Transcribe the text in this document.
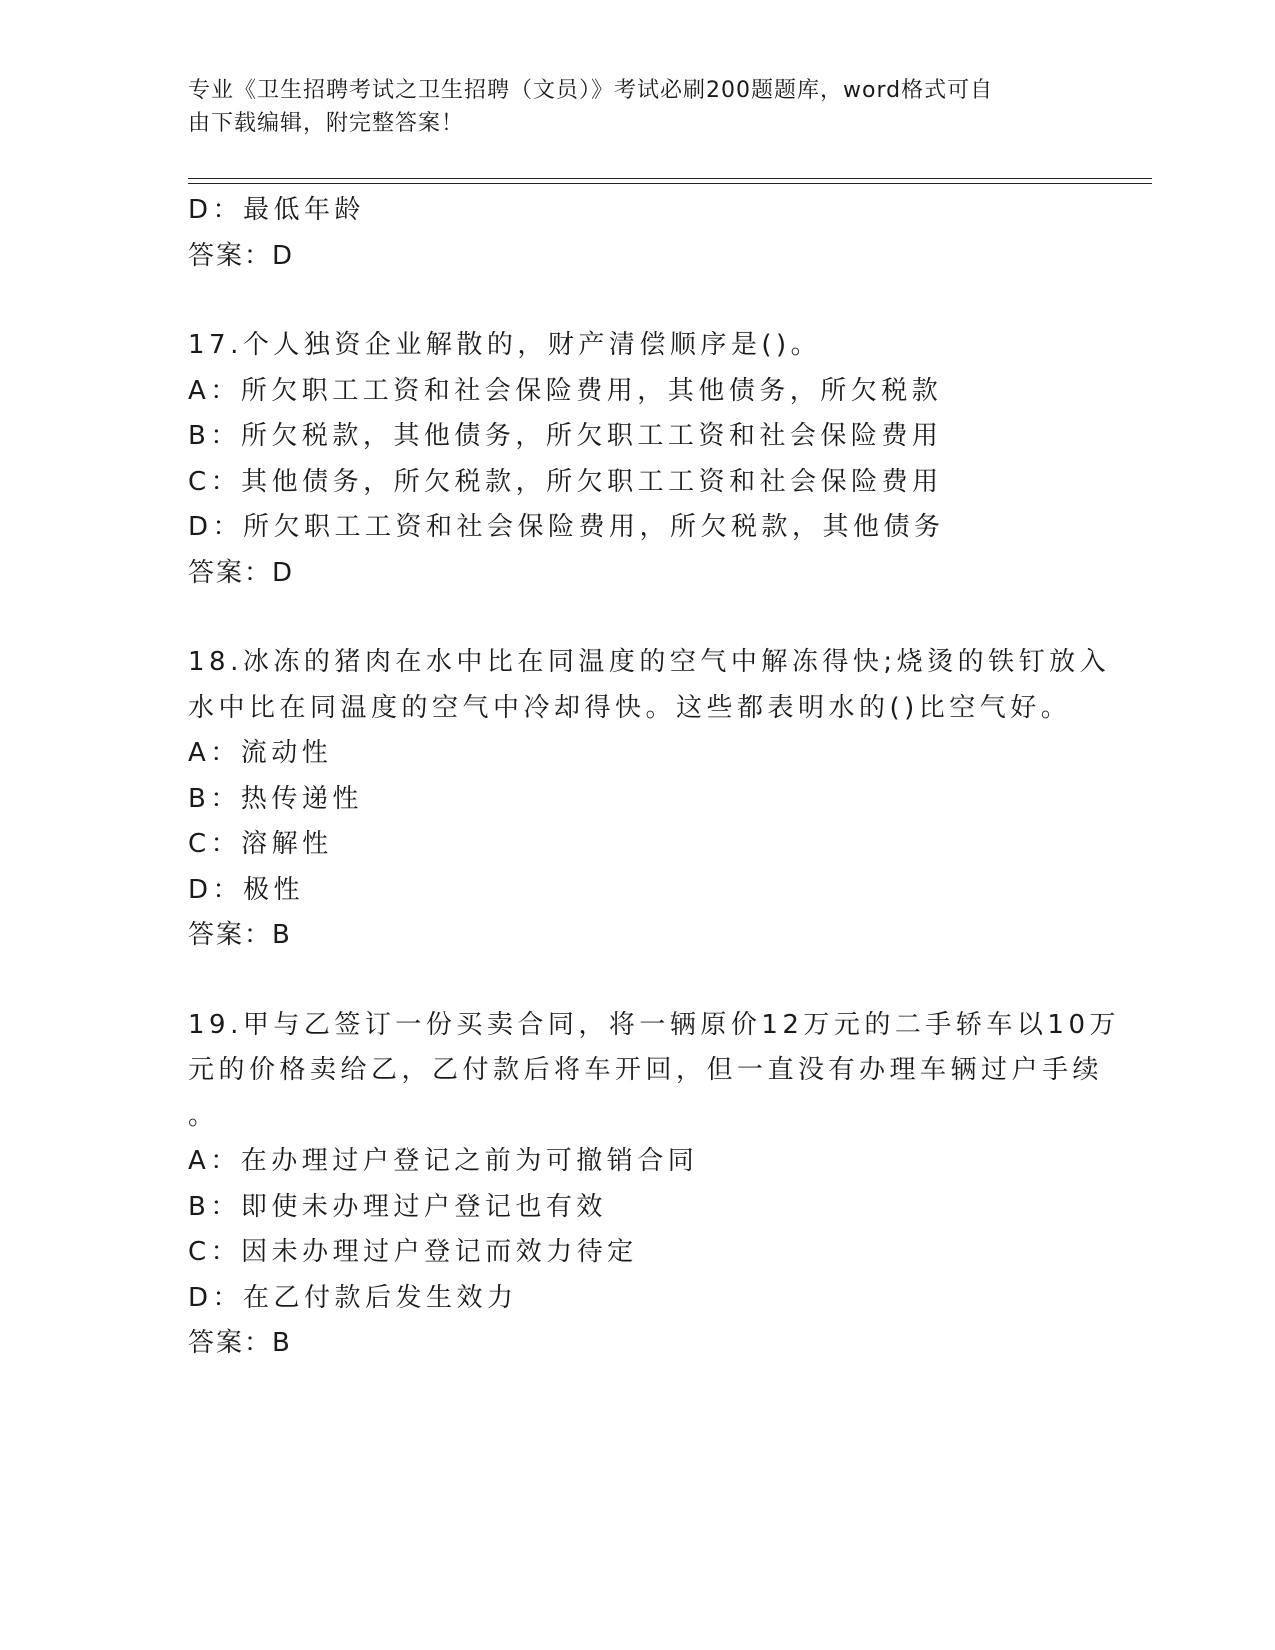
专业《卫生招聘考试之卫生招聘（文员）》考试必刷200题题库，word格式可自
由下载编辑，附完整答案！
D：最低年龄
答案：D
17.个人独资企业解散的，财产清偿顺序是()。
A：所欠职工工资和社会保险费用，其他债务，所欠税款
B：所欠税款，其他债务，所欠职工工资和社会保险费用
C：其他债务，所欠税款，所欠职工工资和社会保险费用
D：所欠职工工资和社会保险费用，所欠税款，其他债务
答案：D
18.冰冻的猪肉在水中比在同温度的空气中解冻得快;烧烫的铁钉放入
水中比在同温度的空气中冷却得快。这些都表明水的()比空气好。
A：流动性
B：热传递性
C：溶解性
D：极性
答案：B
19.甲与乙签订一份买卖合同，将一辆原价12万元的二手轿车以10万
元的价格卖给乙，乙付款后将车开回，但一直没有办理车辆过户手续
。
A：在办理过户登记之前为可撤销合同
B：即使未办理过户登记也有效
C：因未办理过户登记而效力待定
D：在乙付款后发生效力
答案：B
